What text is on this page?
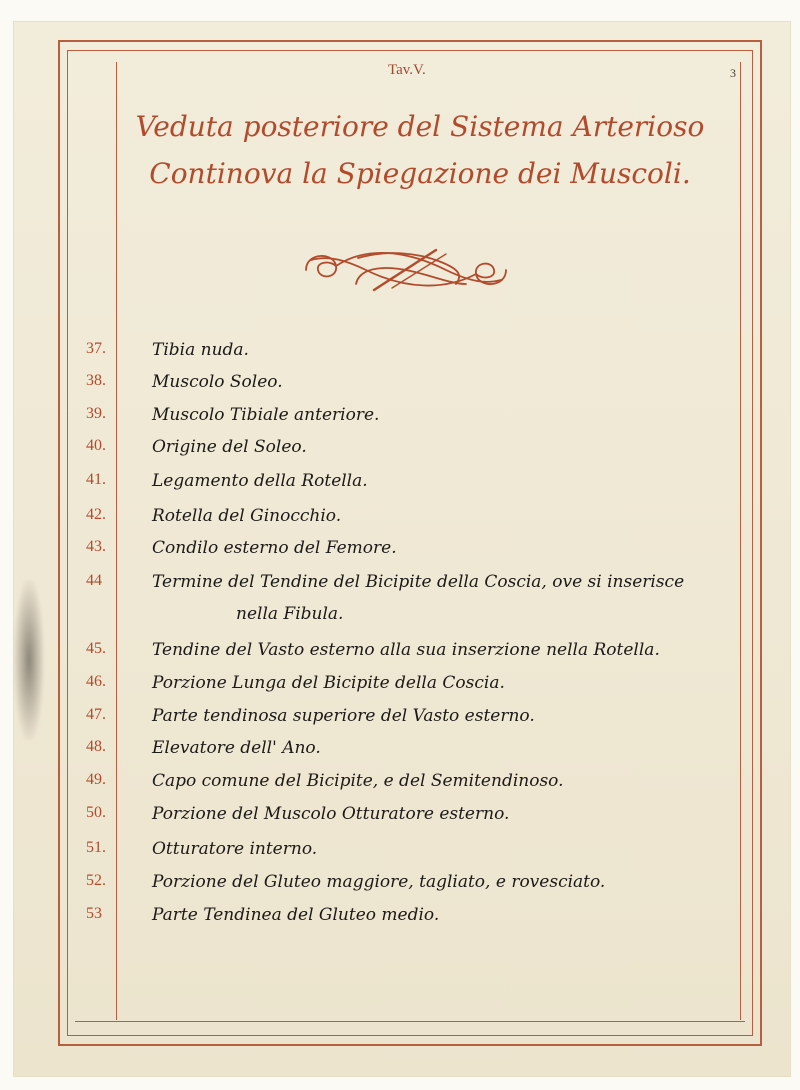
Tav.V.	3
Veduta posteriore del Sistema Arterioso
Continova la Spiegazione dei Muscoli.
37.	Tibia nuda.
38.	Muscolo Soleo.
39.	Muscolo Tibiale anteriore.
40.	Origine del Soleo.
41.	Legamento della Rotella.
42.	Rotella del Ginocchio.
43.	Condilo esterno del Femore.
44	Termine del Tendine del Bicipite della Coscia, ove si inserisce
nella Fibula.
45.	Tendine del Vasto esterno alla sua inserzione nella Rotella.
46.	Porzione Lunga del Bicipite della Coscia.
47.	Parte tendinosa superiore del Vasto esterno.
48.	Elevatore dell' Ano.
49.	Capo comune del Bicipite, e del Semitendinoso.
50.	Porzione del Muscolo Otturatore esterno.
51.	Otturatore interno.
52.	Porzione del Gluteo maggiore, tagliato, e rovesciato.
53	Parte Tendinea del Gluteo medio.
